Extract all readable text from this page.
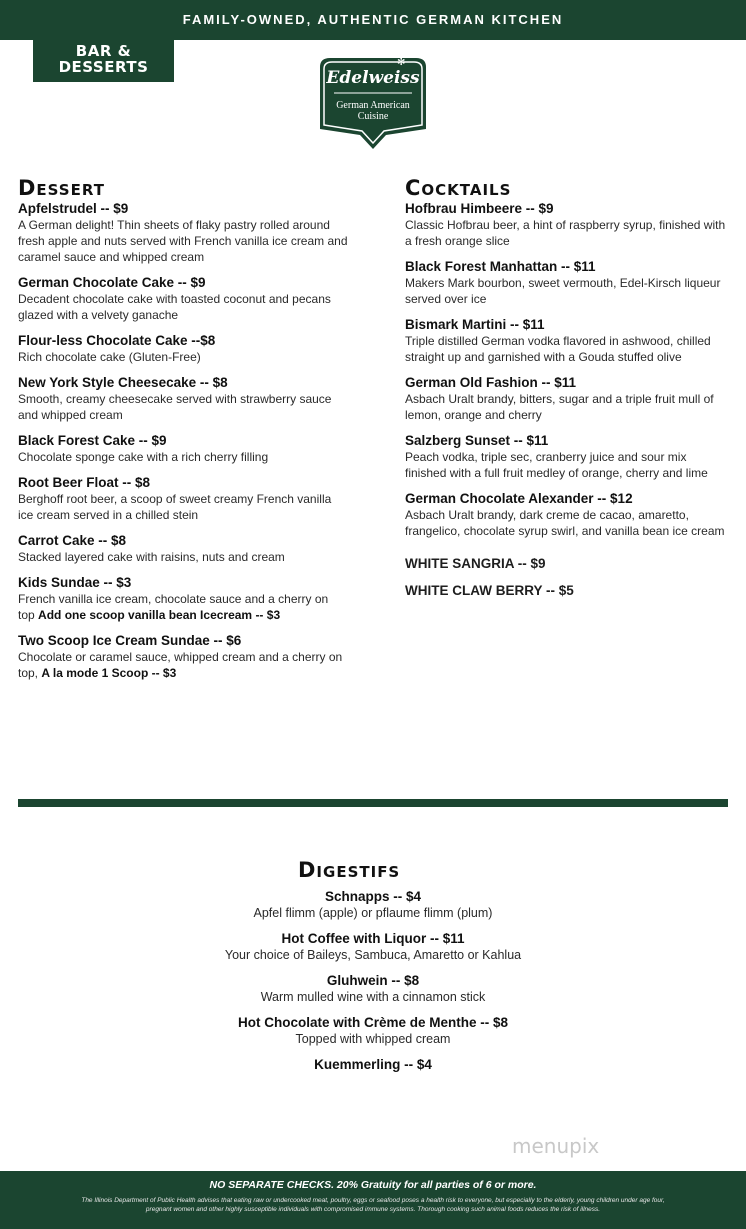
FAMILY-OWNED, AUTHENTIC GERMAN KITCHEN
BAR &
DESSERTS	✻
Edelweiss
German American
Cuisine
Dessert
Apfelstrudel -- $9
A German delight! Thin sheets of flaky pastry rolled around fresh apple and nuts served with French vanilla ice cream and caramel sauce and whipped cream
German Chocolate Cake -- $9
Decadent chocolate cake with toasted coconut and pecans glazed with a velvety ganache
Flour-less Chocolate Cake --$8
Rich chocolate cake (Gluten-Free)
New York Style Cheesecake -- $8
Smooth, creamy cheesecake served with strawberry sauce and whipped cream
Black Forest Cake -- $9
Chocolate sponge cake with a rich cherry filling
Root Beer Float -- $8
Berghoff root beer, a scoop of sweet creamy French vanilla ice cream served in a chilled stein
Carrot Cake -- $8
Stacked layered cake with raisins, nuts and cream
Kids Sundae -- $3
French vanilla ice cream, chocolate sauce and a cherry on top Add one scoop vanilla bean Icecream -- $3
Two Scoop Ice Cream Sundae -- $6
Chocolate or caramel sauce, whipped cream and a cherry on top, A la mode 1 Scoop -- $3
Cocktails
Hofbrau Himbeere -- $9
Classic Hofbrau beer, a hint of raspberry syrup, finished with a fresh orange slice
Black Forest Manhattan -- $11
Makers Mark bourbon, sweet vermouth, Edel-Kirsch liqueur served over ice
Bismark Martini -- $11
Triple distilled German vodka flavored in ashwood, chilled straight up and garnished with a Gouda stuffed olive
German Old Fashion -- $11
Asbach Uralt brandy, bitters, sugar and a triple fruit mull of lemon, orange and cherry
Salzberg Sunset -- $11
Peach vodka, triple sec, cranberry juice and sour mix finished with a full fruit medley of orange, cherry and lime
German Chocolate Alexander -- $12
Asbach Uralt brandy, dark creme de cacao, amaretto, frangelico, chocolate syrup swirl, and vanilla bean ice cream
WHITE SANGRIA -- $9
WHITE CLAW BERRY -- $5
Digestifs
Schnapps -- $4
Apfel flimm (apple) or pflaume flimm (plum)
Hot Coffee with Liquor -- $11
Your choice of Baileys, Sambuca, Amaretto or Kahlua
Gluhwein -- $8
Warm mulled wine with a cinnamon stick
Hot Chocolate with Crème de Menthe -- $8
Topped with whipped cream
Kuemmerling -- $4
menupix
NO SEPARATE CHECKS. 20% Gratuity for all parties of 6 or more.
The Illinois Department of Public Health advises that eating raw or undercooked meat, poultry, eggs or seafood poses a health risk to everyone, but especially to the elderly, young children under age four, pregnant women and other highly susceptible individuals with compromised immune systems. Thorough cooking such animal foods reduces the risk of illness.
